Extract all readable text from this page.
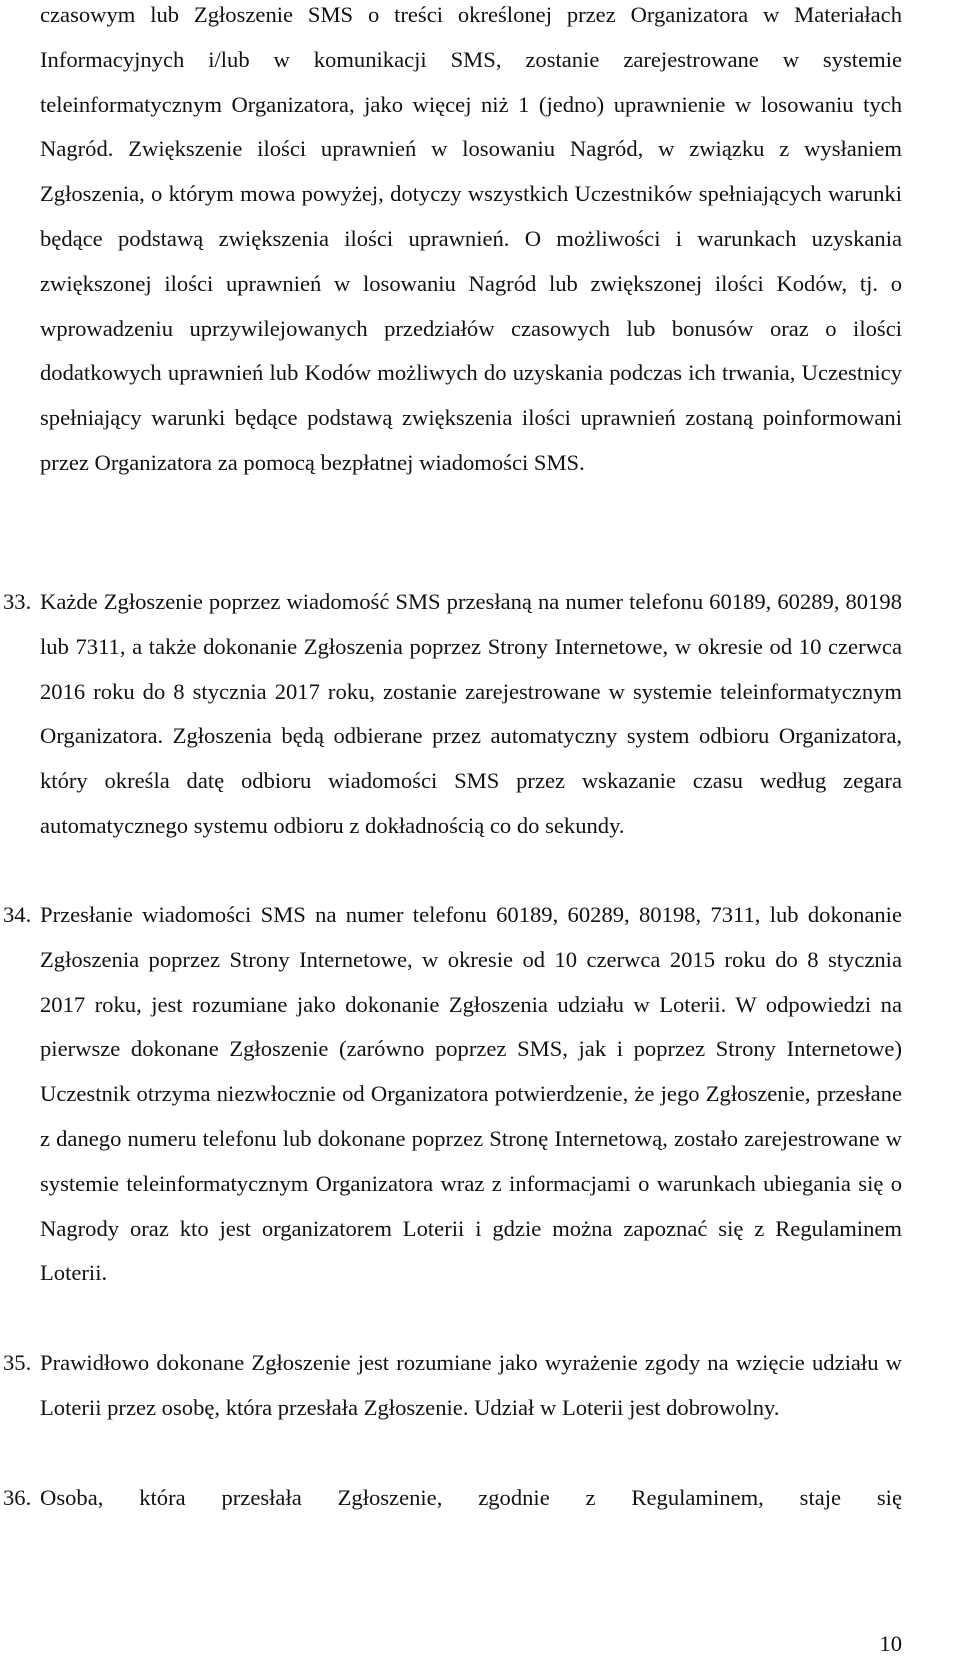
czasowym lub Zgłoszenie SMS o treści określonej przez Organizatora w Materiałach Informacyjnych i/lub w komunikacji SMS, zostanie zarejestrowane w systemie teleinformatycznym Organizatora, jako więcej niż 1 (jedno) uprawnienie w losowaniu tych Nagród. Zwiększenie ilości uprawnień w losowaniu Nagród, w związku z wysłaniem Zgłoszenia, o którym mowa powyżej, dotyczy wszystkich Uczestników spełniających warunki będące podstawą zwiększenia ilości uprawnień. O możliwości i warunkach uzyskania zwiększonej ilości uprawnień w losowaniu Nagród lub zwiększonej ilości Kodów, tj. o wprowadzeniu uprzywilejowanych przedziałów czasowych lub bonusów oraz o ilości dodatkowych uprawnień lub Kodów możliwych do uzyskania podczas ich trwania, Uczestnicy spełniający warunki będące podstawą zwiększenia ilości uprawnień zostaną poinformowani przez Organizatora za pomocą bezpłatnej wiadomości SMS.
33. Każde Zgłoszenie poprzez wiadomość SMS przesłaną na numer telefonu 60189, 60289, 80198 lub 7311, a także dokonanie Zgłoszenia poprzez Strony Internetowe, w okresie od 10 czerwca 2016 roku do 8 stycznia 2017 roku, zostanie zarejestrowane w systemie teleinformatycznym Organizatora. Zgłoszenia będą odbierane przez automatyczny system odbioru Organizatora, który określa datę odbioru wiadomości SMS przez wskazanie czasu według zegara automatycznego systemu odbioru z dokładnością co do sekundy.
34. Przesłanie wiadomości SMS na numer telefonu 60189, 60289, 80198, 7311, lub dokonanie Zgłoszenia poprzez Strony Internetowe, w okresie od 10 czerwca 2015 roku do 8 stycznia 2017 roku, jest rozumiane jako dokonanie Zgłoszenia udziału w Loterii. W odpowiedzi na pierwsze dokonane Zgłoszenie (zarówno poprzez SMS, jak i poprzez Strony Internetowe) Uczestnik otrzyma niezwłocznie od Organizatora potwierdzenie, że jego Zgłoszenie, przesłane z danego numeru telefonu lub dokonane poprzez Stronę Internetową, zostało zarejestrowane w systemie teleinformatycznym Organizatora wraz z informacjami o warunkach ubiegania się o Nagrody oraz kto jest organizatorem Loterii i gdzie można zapoznać się z Regulaminem Loterii.
35. Prawidłowo dokonane Zgłoszenie jest rozumiane jako wyrażenie zgody na wzięcie udziału w Loterii przez osobę, która przesłała Zgłoszenie. Udział w Loterii jest dobrowolny.
36. Osoba, która przesłała Zgłoszenie, zgodnie z Regulaminem, staje się
10
